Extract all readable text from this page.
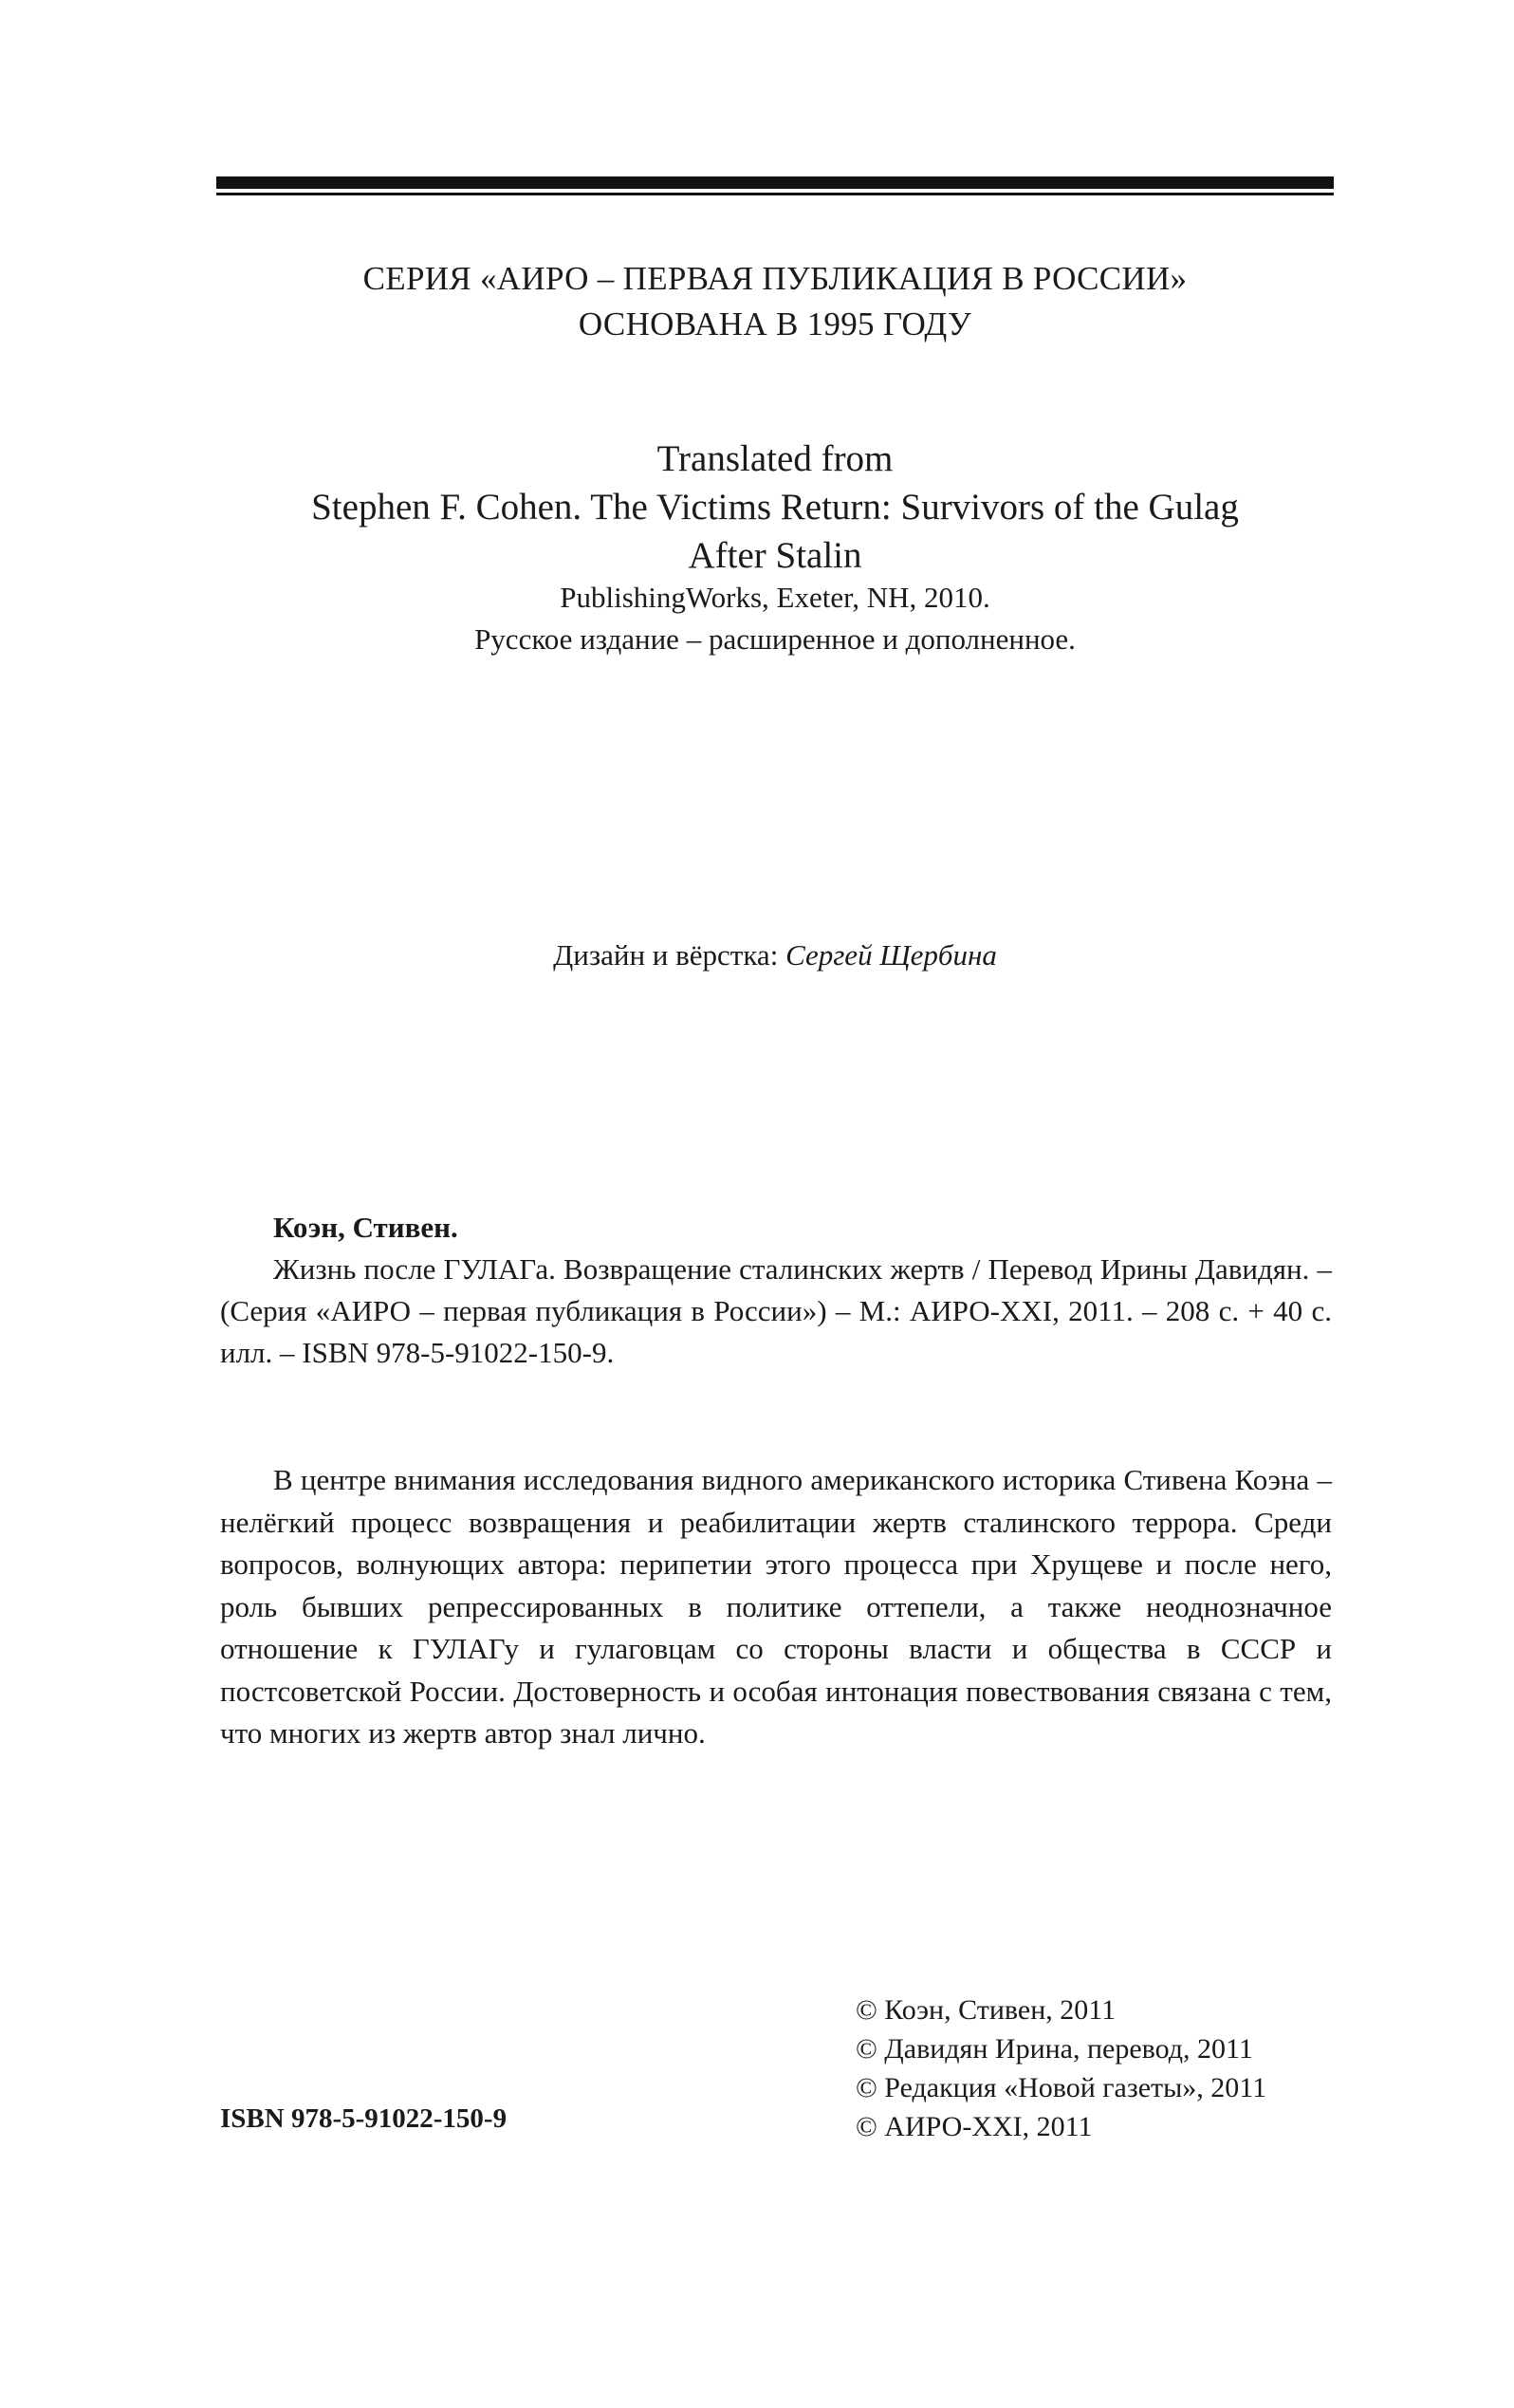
СЕРИЯ «АИРО – ПЕРВАЯ ПУБЛИКАЦИЯ В РОССИИ»
ОСНОВАНА В 1995 ГОДУ
Translated from
Stephen F. Cohen. The Victims Return: Survivors of the Gulag
After Stalin
PublishingWorks, Exeter, NH, 2010.
Русское издание – расширенное и дополненное.
Дизайн и вёрстка: Сергей Щербина
Коэн, Стивен.
Жизнь после ГУЛАГа. Возвращение сталинских жертв / Перевод Ирины Давидян. – (Серия «АИРО – первая публикация в России») – М.: АИРО-XXI, 2011. – 208 с. + 40 с. илл. – ISBN 978-5-91022-150-9.
В центре внимания исследования видного американского историка Стивена Коэна – нелёгкий процесс возвращения и реабилитации жертв сталинского террора. Среди вопросов, волнующих автора: перипетии этого процесса при Хрущеве и после него, роль бывших репрессированных в политике оттепели, а также неоднозначное отношение к ГУЛАГу и гулаговцам со стороны власти и общества в СССР и постсоветской России. Достоверность и особая интонация повествования связана с тем, что многих из жертв автор знал лично.
© Коэн, Стивен, 2011
© Давидян Ирина, перевод, 2011
© Редакция «Новой газеты», 2011
© АИРО-XXI, 2011
ISBN 978-5-91022-150-9
